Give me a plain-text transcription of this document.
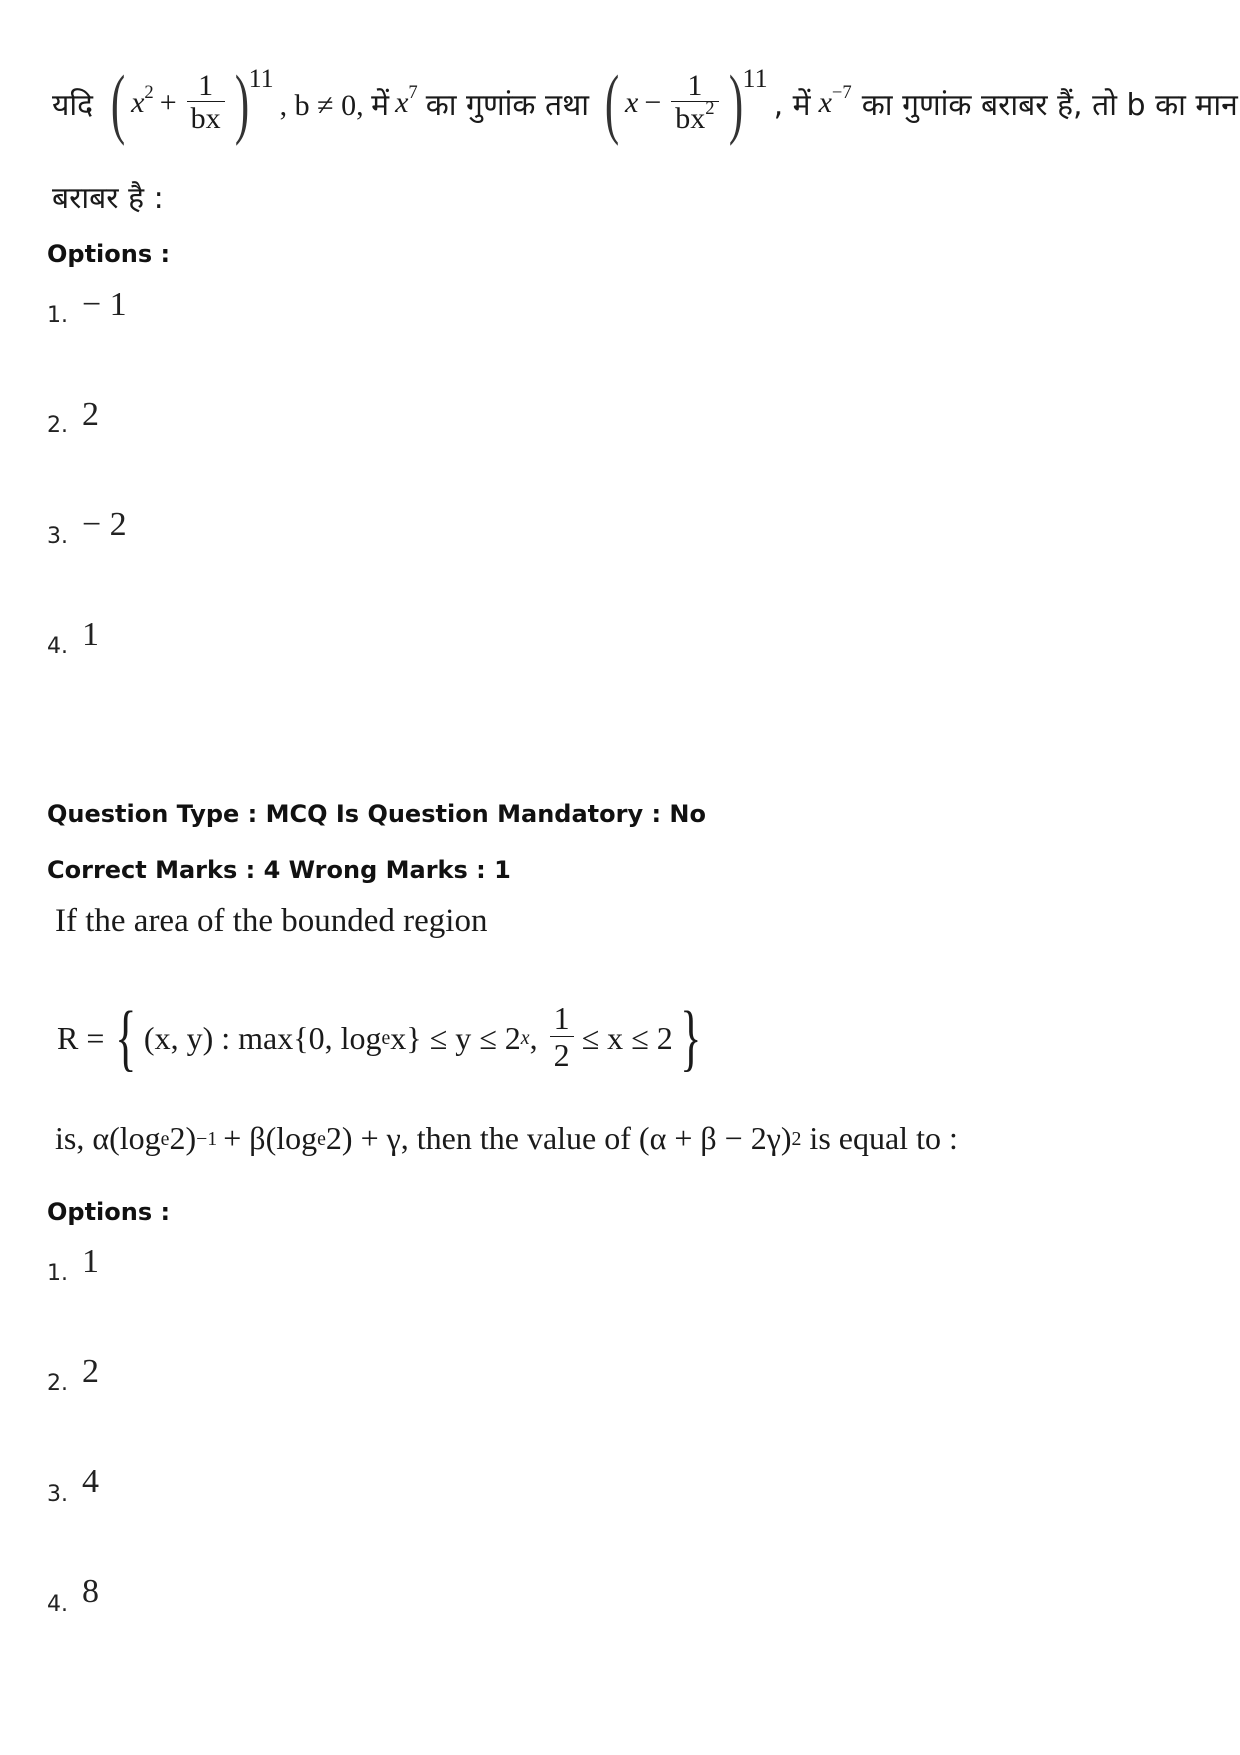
यदि ( $x^2 + \frac{1}{bx}$ ) 11
, b ≠ 0, में $x^7$ का गुणांक तथा ( $x - \frac{1}{bx^2}$ ) 11
, में $x^{-7}$ का गुणांक बराबर हैं, तो b का मान
बराबर है :
Options :
1. − 1
2. 2
3. − 2
4. 1
Question Type : MCQ Is Question Mandatory : No
Correct Marks : 4 Wrong Marks : 1
If the area of the bounded region
R = { (x, y) : max{0, log e x} ≤ y ≤ 2 x , $\frac{1}{2} \le x \le 2$ }
is, α(log e 2) −1 + β(log e 2) + γ, then the value of (α + β − 2γ) 2 is equal to :
Options :
1. 1
2. 2
3. 4
4. 8
